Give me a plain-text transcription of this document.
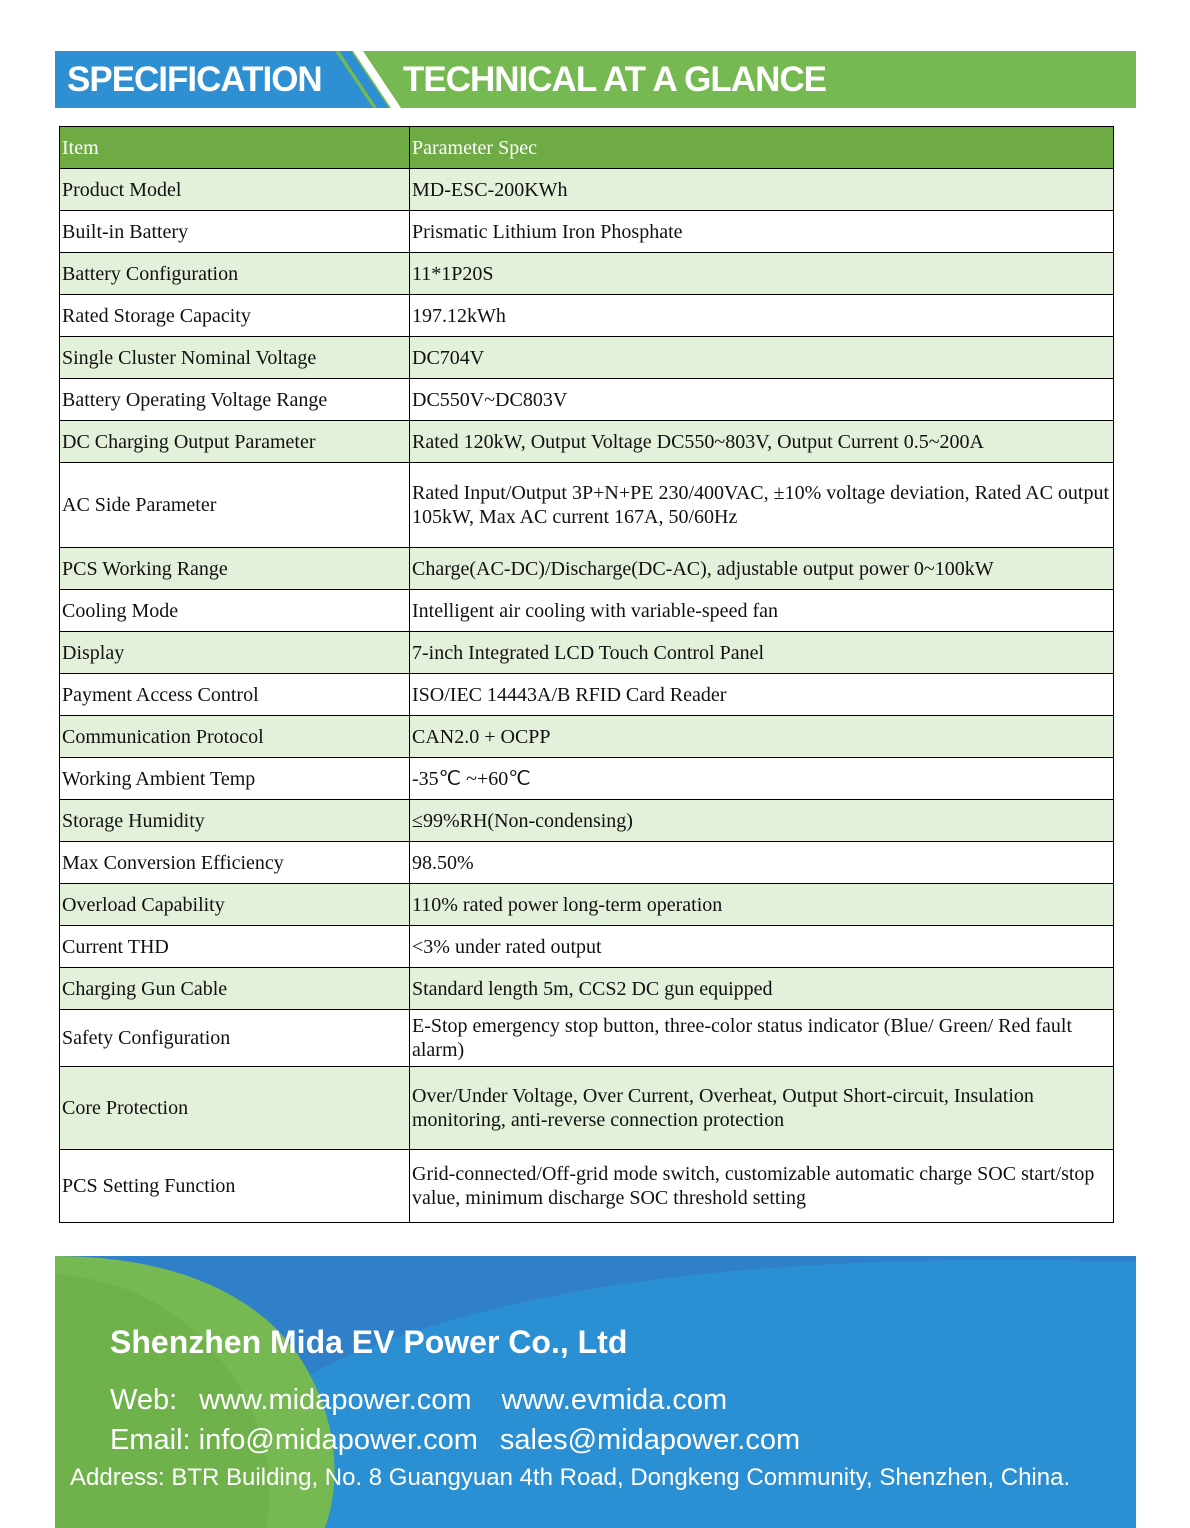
SPECIFICATION TECHNICAL AT A GLANCE
Item	Parameter Spec
Product Model	MD-ESC-200KWh
Built-in Battery	Prismatic Lithium Iron Phosphate
Battery Configuration	11*1P20S
Rated Storage Capacity	197.12kWh
Single Cluster Nominal Voltage	DC704V
Battery Operating Voltage Range	DC550V~DC803V
DC Charging Output Parameter	Rated 120kW, Output Voltage DC550~803V, Output Current 0.5~200A
AC Side Parameter	Rated Input/Output 3P+N+PE 230/400VAC, ±10% voltage deviation, Rated AC output 105kW, Max AC current 167A, 50/60Hz
PCS Working Range	Charge(AC-DC)/Discharge(DC-AC), adjustable output power 0~100kW
Cooling Mode	Intelligent air cooling with variable-speed fan
Display	7-inch Integrated LCD Touch Control Panel
Payment Access Control	ISO/IEC 14443A/B RFID Card Reader
Communication Protocol	CAN2.0 + OCPP
Working Ambient Temp	-35℃ ~+60℃
Storage Humidity	≤99%RH(Non-condensing)
Max Conversion Efficiency	98.50%
Overload Capability	110% rated power long-term operation
Current THD	<3% under rated output
Charging Gun Cable	Standard length 5m, CCS2 DC gun equipped
Safety Configuration	E-Stop emergency stop button, three-color status indicator (Blue/ Green/ Red fault alarm)
Core Protection	Over/Under Voltage, Over Current, Overheat, Output Short-circuit, Insulation monitoring, anti-reverse connection protection
PCS Setting Function	Grid-connected/Off-grid mode switch, customizable automatic charge SOC start/stop value, minimum discharge SOC threshold setting
Shenzhen Mida EV Power Co., Ltd
Web: www.midapower.com www.evmida.com
Email: info@midapower.com sales@midapower.com
Address: BTR Building, No. 8 Guangyuan 4th Road, Dongkeng Community, Shenzhen, China.
